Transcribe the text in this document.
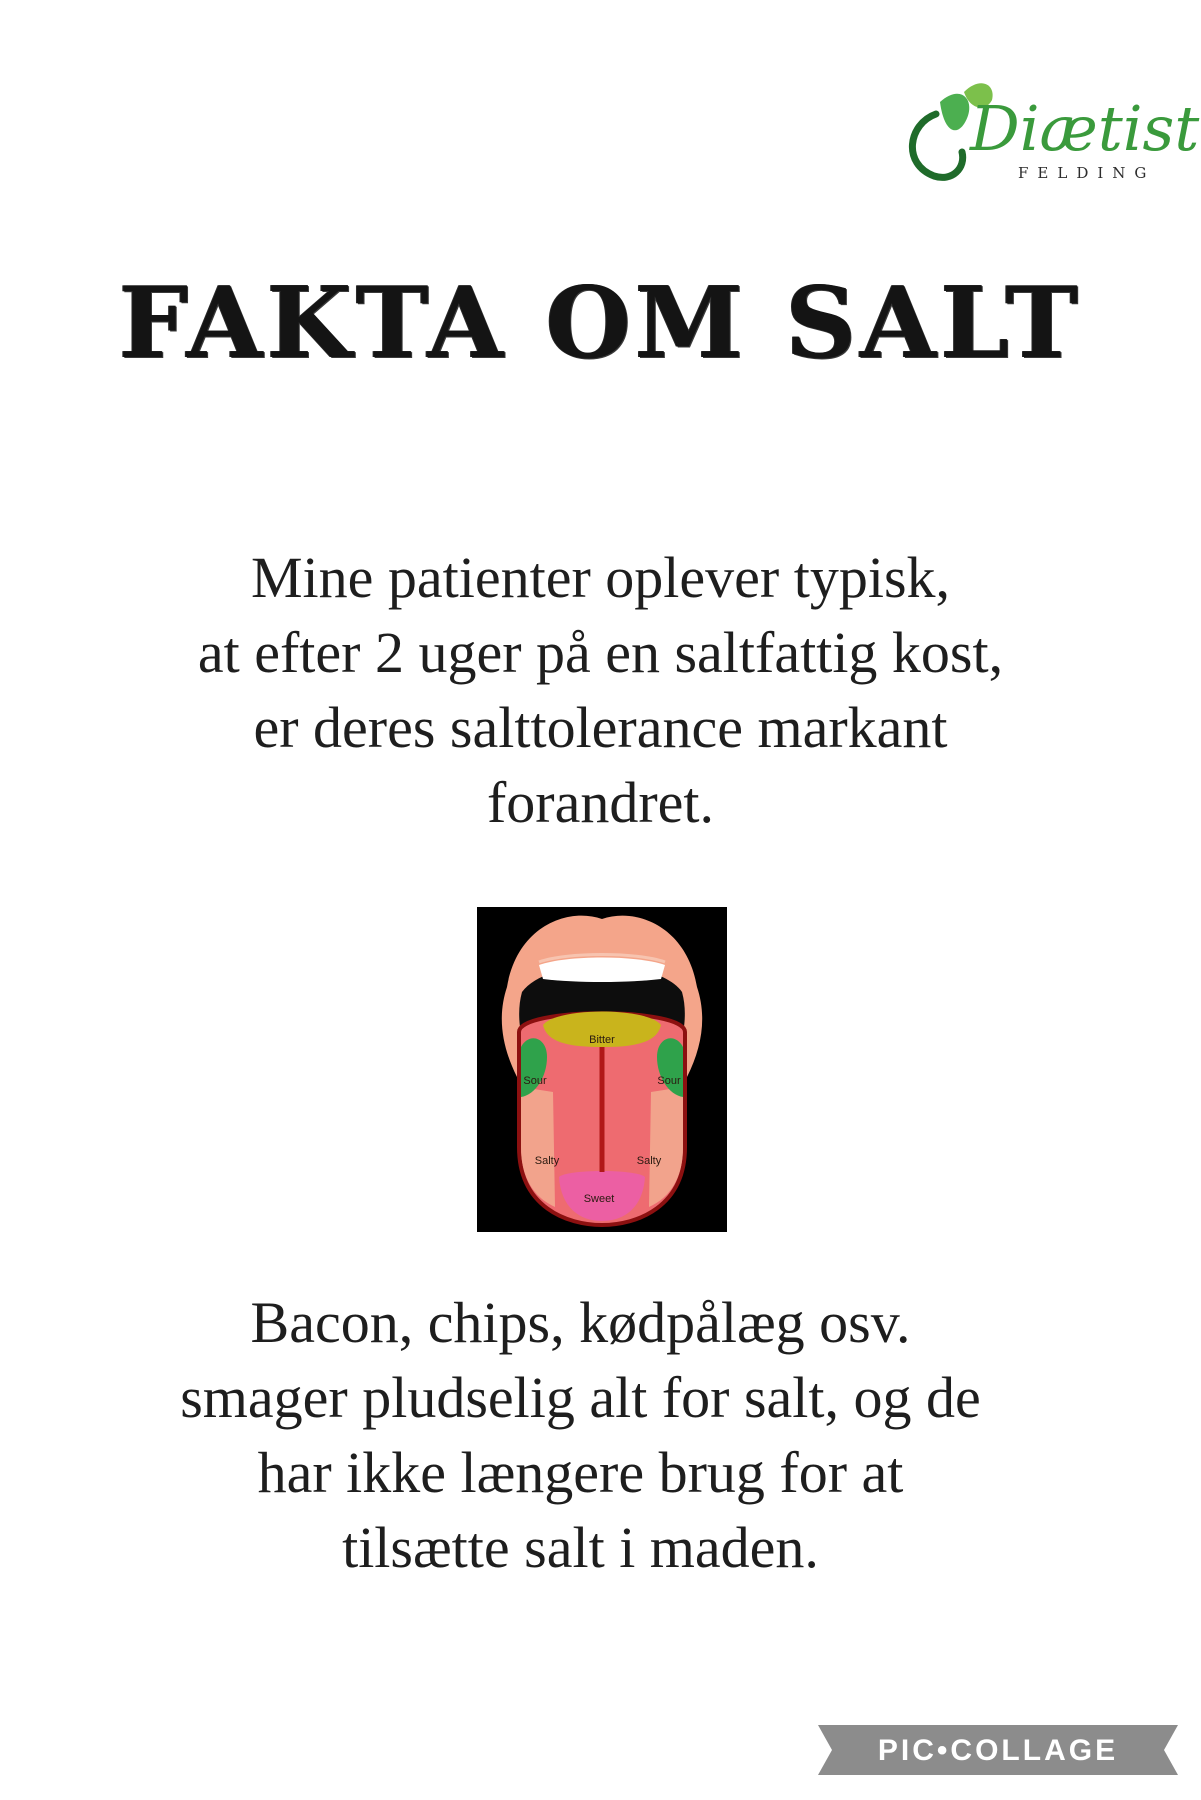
Diætist
FELDING
FAKTA OM SALT
Mine patienter oplever typisk,
at efter 2 uger på en saltfattig kost,
er deres salttolerance markant
forandret.
Bitter
Sour	Sour
Salty	Salty
Sweet
Bacon, chips, kødpålæg osv.
smager pludselig alt for salt, og de
har ikke længere brug for at
tilsætte salt i maden.
PIC•COLLAGE
